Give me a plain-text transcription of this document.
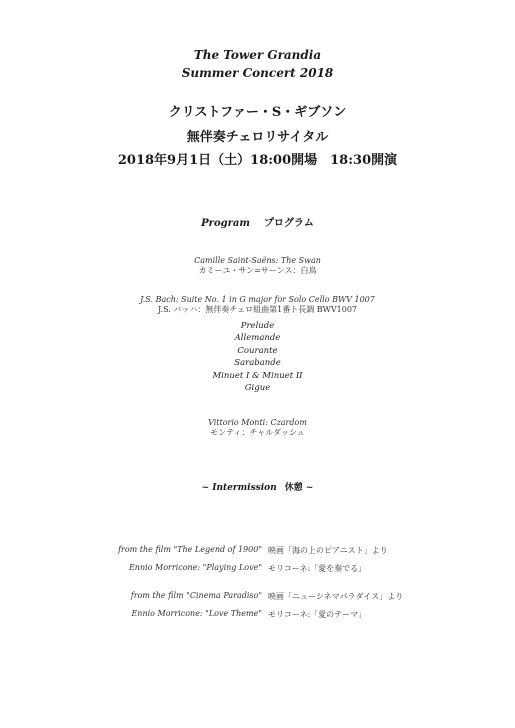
The Tower Grandia
Summer Concert 2018
クリストファー・S・ギブソン
無伴奏チェロリサイタル
2018年9月1日（土）18:00開場　18:30開演
Program プログラム
Camille Saint-Saëns: The Swan
カミーユ・サン=サーンス：白鳥
J.S. Bach: Suite No. 1 in G major for Solo Cello BWV 1007
J.S. バッハ：無伴奏チェロ組曲第1番ト長調 BWV1007
Prelude
Allemande
Courante
Sarabande
Minuet I & Minuet II
Gigue
Vittorio Monti: Czardom
モンティ：チャルダッシュ
~ Intermission 休憩 ~
from the film "The Legend of 1900" 映画「海の上のピアニスト」より
Ennio Morricone: "Playing Love" モリコーネ:「愛を奏でる」
from the film "Cinema Paradiso" 映画「ニューシネマパラダイス」より
Ennio Morricone: "Love Theme" モリコーネ:「愛のテーマ」
